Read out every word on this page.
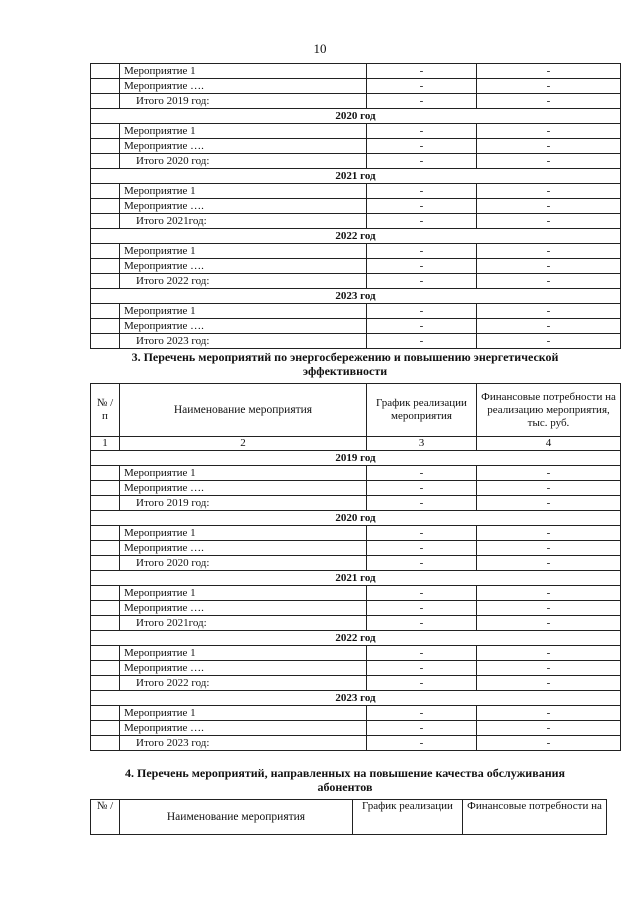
10
	Мероприятие 1	-	-
	Мероприятие ….	-	-
	Итого 2019 год:	-	-
2020 год			
	Мероприятие 1	-	-
	Мероприятие ….	-	-
	Итого 2020 год:	-	-
2021 год			
	Мероприятие 1	-	-
	Мероприятие ….	-	-
	Итого 2021год:	-	-
2022 год			
	Мероприятие 1	-	-
	Мероприятие ….	-	-
	Итого 2022 год:	-	-
2023 год			
	Мероприятие 1	-	-
	Мероприятие ….	-	-
	Итого 2023 год:	-	-
3. Перечень мероприятий по энергосбережению и повышению энергетической
эффективности
№ / п	Наименование мероприятия	График реализации мероприятия	Финансовые потребности на реализацию мероприятия, тыс. руб.
1	2	3	4
2019 год			
	Мероприятие 1	-	-
	Мероприятие ….	-	-
	Итого 2019 год:	-	-
2020 год			
	Мероприятие 1	-	-
	Мероприятие ….	-	-
	Итого 2020 год:	-	-
2021 год			
	Мероприятие 1	-	-
	Мероприятие ….	-	-
	Итого 2021год:	-	-
2022 год			
	Мероприятие 1	-	-
	Мероприятие ….	-	-
	Итого 2022 год:	-	-
2023 год			
	Мероприятие 1	-	-
	Мероприятие ….	-	-
	Итого 2023 год:	-	-
4. Перечень мероприятий, направленных на повышение качества обслуживания
абонентов
№ /	Наименование мероприятия	График реализации	Финансовые потребности на
